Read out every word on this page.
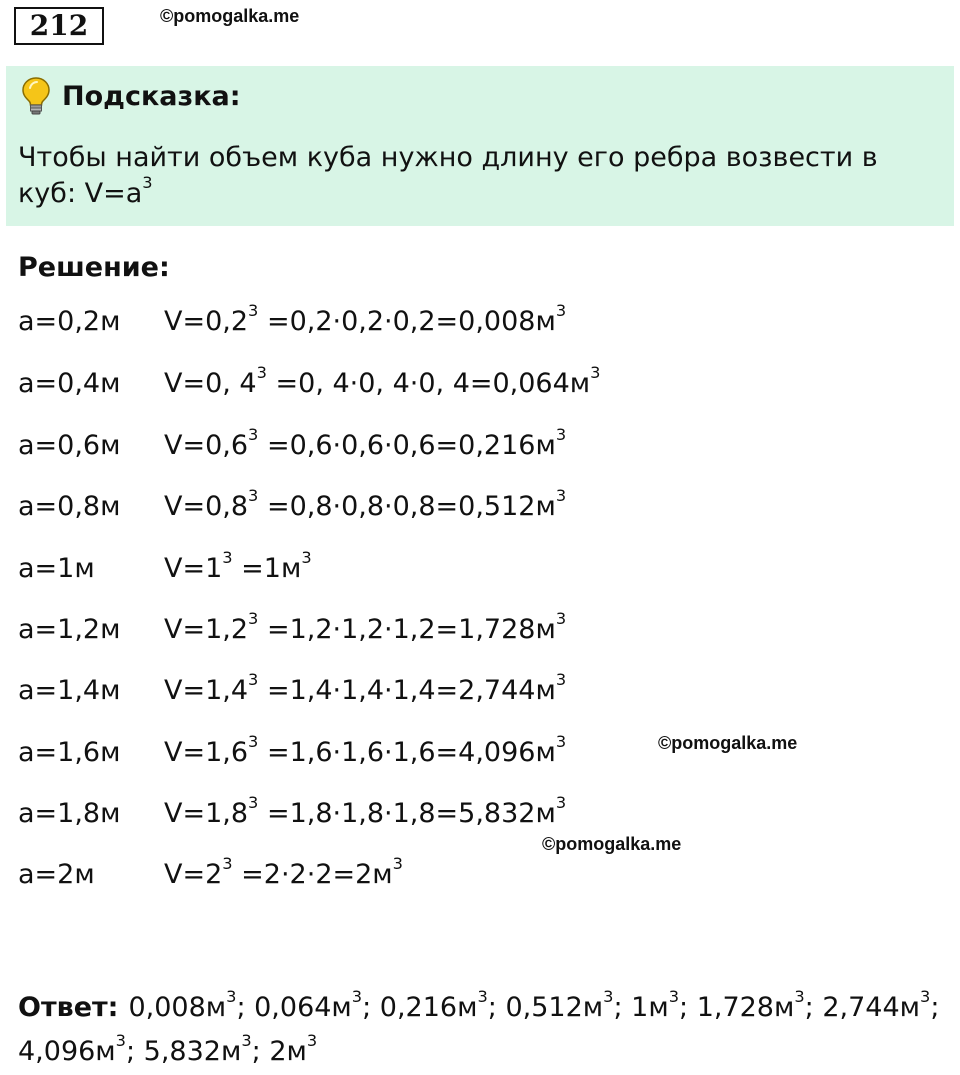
212	©pomogalka.me
Подсказка:
Чтобы найти объем куба нужно длину его ребра возвести в куб: $V=a^3$
Решение:
a=0,2м $V=0,2^3 =0,2\cdot 0,2\cdot 0,2=0,008м^3$
a=0,4м V=0, $4^3 =0$, 4·0, 4·0, $4=0,064м^3$
a=0,6м $V=0,6^3 =0,6\cdot 0,6\cdot 0,6=0,216м^3$
a=0,8м $V=0,8^3 =0,8\cdot 0,8\cdot 0,8=0,512м^3$
a=1м	$V=1^3 =1м^3$
a=1,2м $V=1,2^3 =1,2\cdot 1,2\cdot 1,2=1,728м^3$
a=1,4м $V=1,4^3 =1,4\cdot 1,4\cdot 1,4=2,744м^3$
a=1,6м $V=1,6^3 =1,6\cdot 1,6\cdot 1,6=4,096м^3$
a=1,8м $V=1,8^3 =1,8\cdot 1,8\cdot 1,8=5,832м^3$
a=2м	$V=2^3 =2\cdot 2\cdot 2=2м^3$
©pomogalka.me
©pomogalka.me
Ответ: $0,008м^3$; $0,064м^3$; $0,216м^3$; $0,512м^3$; $1м^3$; $1,728м^3$; $2,744м^3$; $4,096м^3$; $5,832м^3$; $2м^3$
